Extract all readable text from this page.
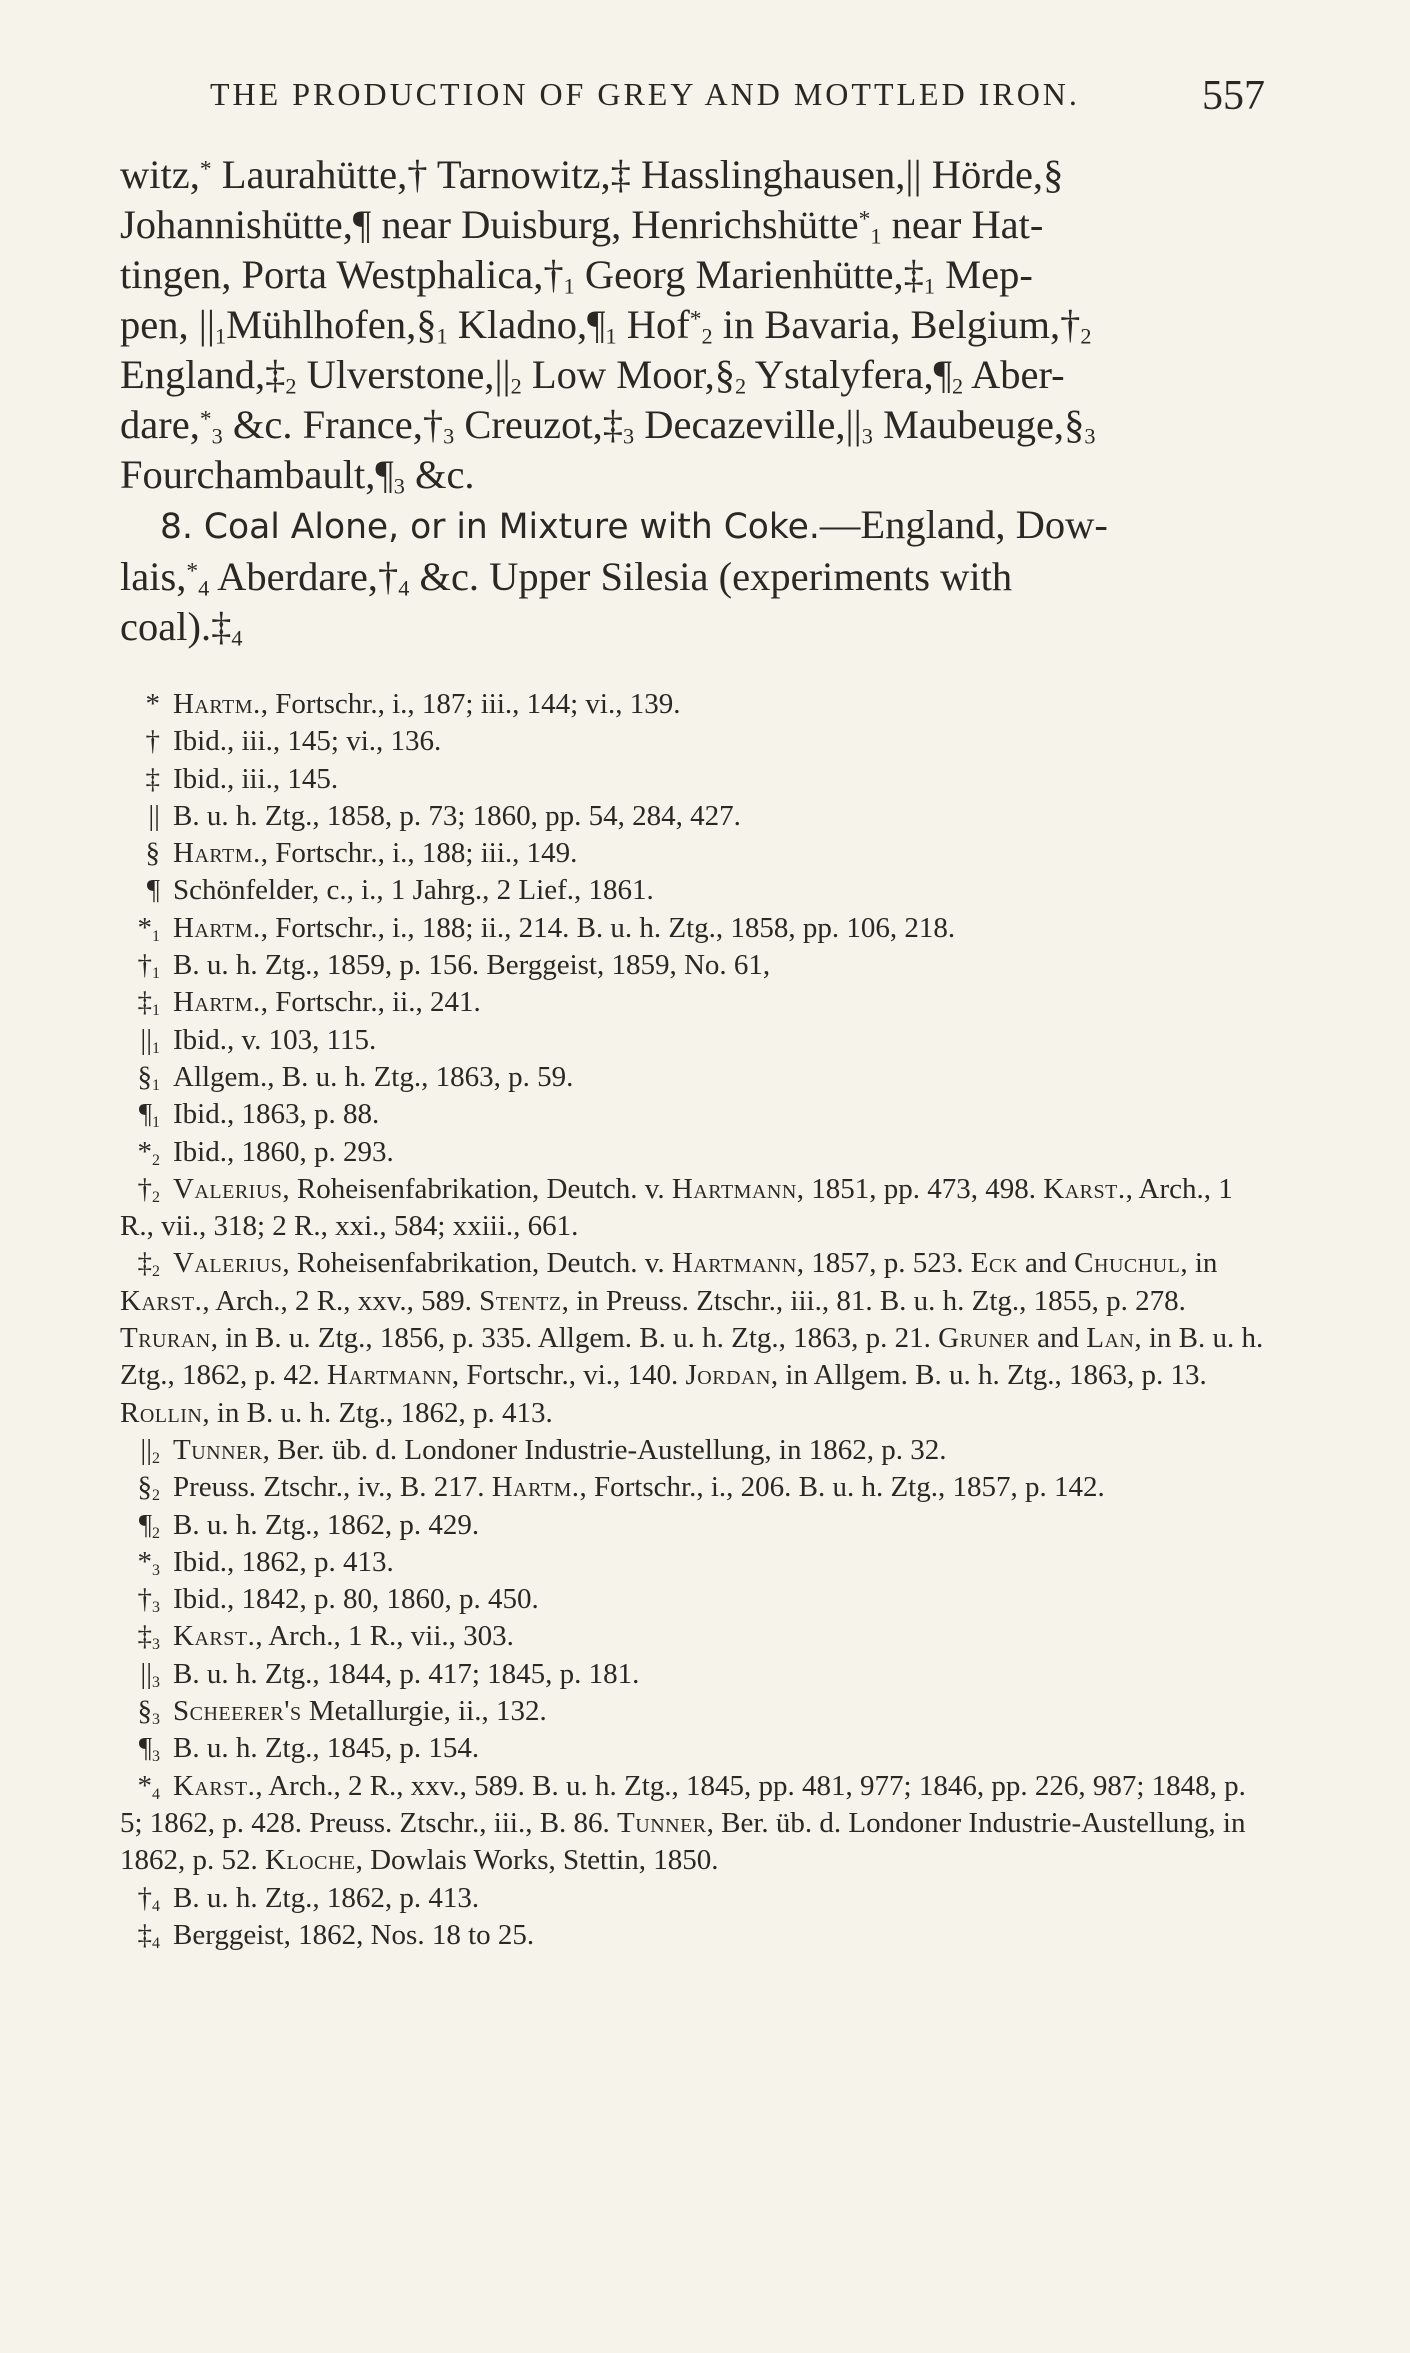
THE PRODUCTION OF GREY AND MOTTLED IRON.	557

witz,* Laurahütte,† Tarnowitz,‡ Hasslinghausen,|| Hörde,§
Johannishütte,¶ near Duisburg, Henrichshütte*$_1$ near Hat-
tingen, Porta $Westphalica,\dagger_1$ Georg $Marienhütte,\ddagger_1$ Mep-
pen, $||_1Mühlhofen,\S_1$ $Kladno,\P_1$ Hof*$_2$ in Bavaria, $Belgium,\dagger_2$
$England,\ddagger_2$ $Ulverstone,||_2$ Low $Moor,\S_2$ $Ystalyfera,\P_2$ Aber-
$dare,^*_3$ &c. $France,\dagger_3$ $Creuzot,\ddagger_3$ $Decazeville,||_3$ $Maubeuge,\S_3$
$Fourchambault,\P_3$ &c.

8. Coal Alone, or in Mixture with Coke.—England, Dow-
$lais,^*_4$ $Aberdare,\dagger_4$ &c. Upper Silesia (experiments with
$coal).\ddagger_4$

* Hartm., Fortschr., i., 187; iii., 144; vi., 139.
† Ibid., iii., 145; vi., 136.
‡ Ibid., iii., 145.
|| B. u. h. Ztg., 1858, p. 73; 1860, pp. 54, 284, 427.
§ Hartm., Fortschr., i., 188; iii., 149.
¶ Schönfelder, c., i., 1 Jahrg., 2 Lief., 1861.
$*_1$ Hartm., Fortschr., i., 188; ii., 214. B. u. h. Ztg., 1858, pp. 106, 218.
$\dagger_1$ B. u. h. Ztg., 1859, p. 156. Berggeist, 1859, No. 61,
$\ddagger_1$ Hartm., Fortschr., ii., 241.
$||_1$ Ibid., v. 103, 115.
$\S_1$ Allgem., B. u. h. Ztg., 1863, p. 59.
$\P_1$ Ibid., 1863, p. 88.
$*_2$ Ibid., 1860, p. 293.
$\dagger_2$ Valerius, Roheisenfabrikation, Deutch. v. Hartmann, 1851, pp. 473, 498. Karst., Arch., 1 R., vii., 318; 2 R., xxi., 584; xxiii., 661.
$\ddagger_2$ Valerius, Roheisenfabrikation, Deutch. v. Hartmann, 1857, p. 523. Eck and Chuchul, in Karst., Arch., 2 R., xxv., 589. Stentz, in Preuss. Ztschr., iii., 81. B. u. h. Ztg., 1855, p. 278. Truran, in B. u. Ztg., 1856, p. 335. Allgem. B. u. h. Ztg., 1863, p. 21. Gruner and Lan, in B. u. h. Ztg., 1862, p. 42. Hartmann, Fortschr., vi., 140. Jordan, in Allgem. B. u. h. Ztg., 1863, p. 13. Rollin, in B. u. h. Ztg., 1862, p. 413.
$||_2$ Tunner, Ber. üb. d. Londoner Industrie-Austellung, in 1862, p. 32.
$\S_2$ Preuss. Ztschr., iv., B. 217. Hartm., Fortschr., i., 206. B. u. h. Ztg., 1857, p. 142.
$\P_2$ B. u. h. Ztg., 1862, p. 429.
$*_3$ Ibid., 1862, p. 413.
$\dagger_3$ Ibid., 1842, p. 80, 1860, p. 450.
$\ddagger_3$ Karst., Arch., 1 R., vii., 303.
$||_3$ B. u. h. Ztg., 1844, p. 417; 1845, p. 181.
$\S_3$ Scheerer's Metallurgie, ii., 132.
$\P_3$ B. u. h. Ztg., 1845, p. 154.
$*_4$ Karst., Arch., 2 R., xxv., 589. B. u. h. Ztg., 1845, pp. 481, 977; 1846, pp. 226, 987; 1848, p. 5; 1862, p. 428. Preuss. Ztschr., iii., B. 86. Tunner, Ber. üb. d. Londoner Industrie-Austellung, in 1862, p. 52. Kloche, Dowlais Works, Stettin, 1850.
$\dagger_4$ B. u. h. Ztg., 1862, p. 413.
$\ddagger_4$ Berggeist, 1862, Nos. 18 to 25.
